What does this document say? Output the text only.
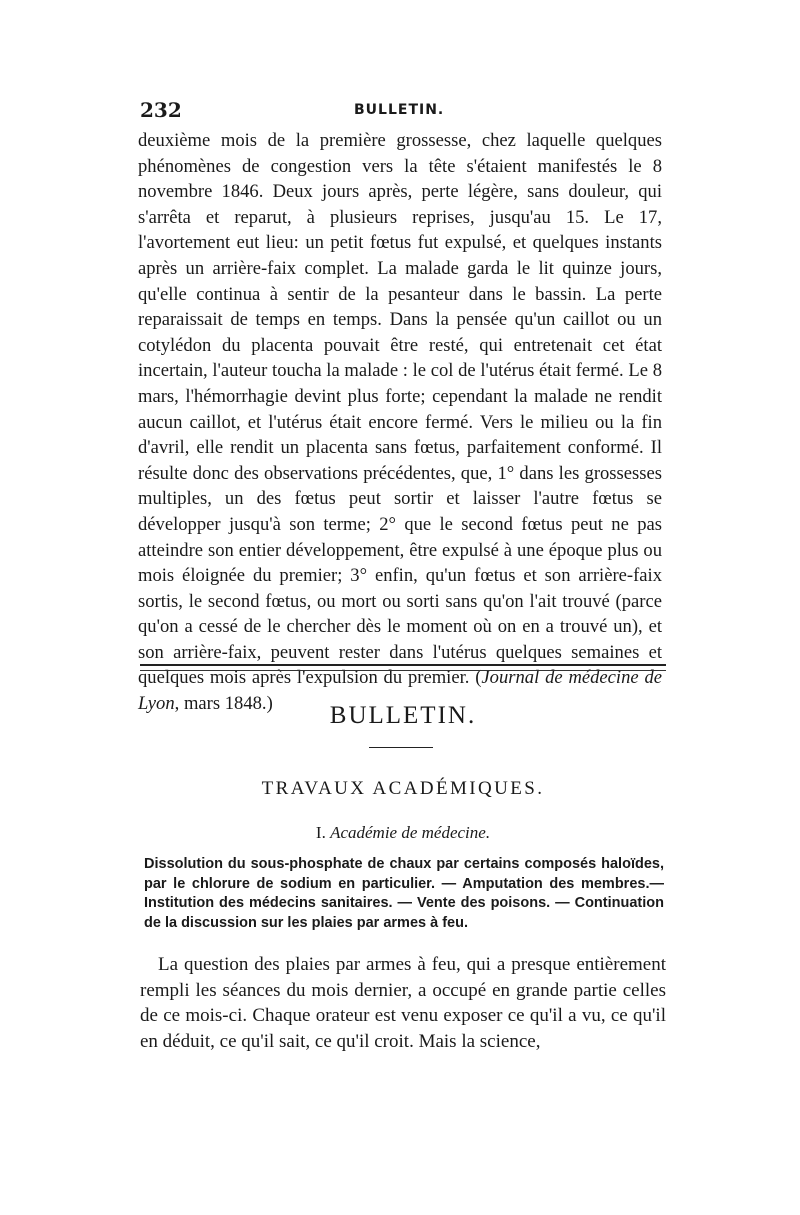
232	BULLETIN.
deuxième mois de la première grossesse, chez laquelle quelques phénomènes de congestion vers la tête s'étaient manifestés le 8 novembre 1846. Deux jours après, perte légère, sans douleur, qui s'arrêta et reparut, à plusieurs reprises, jusqu'au 15. Le 17, l'avortement eut lieu: un petit fœtus fut expulsé, et quelques instants après un arrière-faix complet. La malade garda le lit quinze jours, qu'elle continua à sentir de la pesanteur dans le bassin. La perte reparaissait de temps en temps. Dans la pensée qu'un caillot ou un cotylédon du placenta pouvait être resté, qui entretenait cet état incertain, l'auteur toucha la malade : le col de l'utérus était fermé. Le 8 mars, l'hémorrhagie devint plus forte; cependant la malade ne rendit aucun caillot, et l'utérus était encore fermé. Vers le milieu ou la fin d'avril, elle rendit un placenta sans fœtus, parfaitement conformé. Il résulte donc des observations précédentes, que, 1° dans les grossesses multiples, un des fœtus peut sortir et laisser l'autre fœtus se développer jusqu'à son terme; 2° que le second fœtus peut ne pas atteindre son entier développement, être expulsé à une époque plus ou mois éloignée du premier; 3° enfin, qu'un fœtus et son arrière-faix sortis, le second fœtus, ou mort ou sorti sans qu'on l'ait trouvé (parce qu'on a cessé de le chercher dès le moment où on en a trouvé un), et son arrière-faix, peuvent rester dans l'utérus quelques semaines et quelques mois après l'expulsion du premier. (Journal de médecine de Lyon, mars 1848.)	BULLETIN.
TRAVAUX ACADÉMIQUES.
I. Académie de médecine.
Dissolution du sous-phosphate de chaux par certains composés haloïdes, par le chlorure de sodium en particulier. — Amputation des membres.— Institution des médecins sanitaires. — Vente des poisons. — Continuation de la discussion sur les plaies par armes à feu.
La question des plaies par armes à feu, qui a presque entièrement rempli les séances du mois dernier, a occupé en grande partie celles de ce mois-ci. Chaque orateur est venu exposer ce qu'il a vu, ce qu'il en déduit, ce qu'il sait, ce qu'il croit. Mais la science,
